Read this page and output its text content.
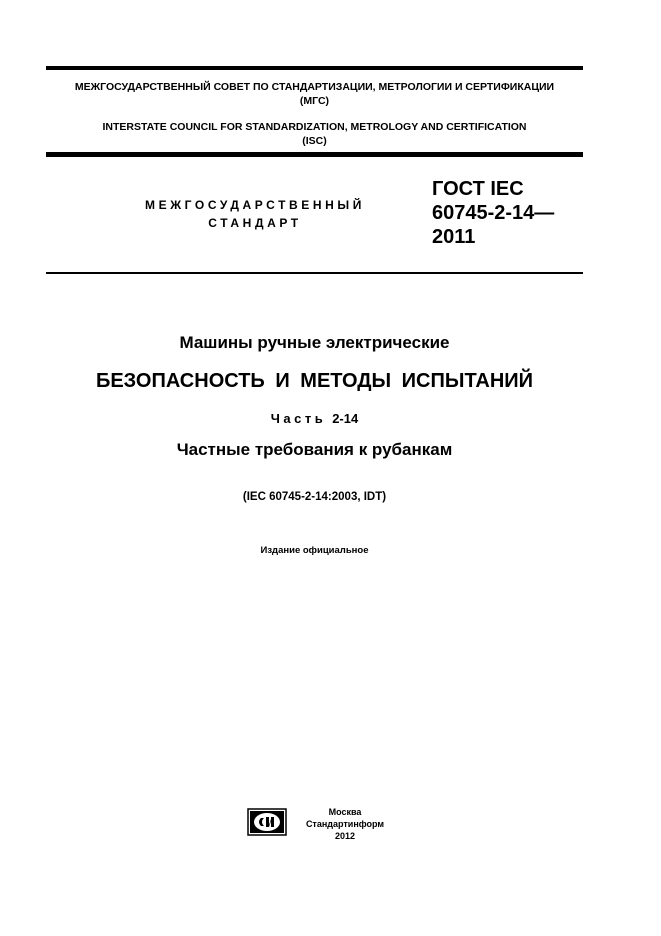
МЕЖГОСУДАРСТВЕННЫЙ СОВЕТ ПО СТАНДАРТИЗАЦИИ, МЕТРОЛОГИИ И СЕРТИФИКАЦИИ
(МГС)
INTERSTATE COUNCIL FOR STANDARDIZATION, METROLOGY AND CERTIFICATION
(ISC)
МЕЖГОСУДАРСТВЕННЫЙ
СТАНДАРТ
ГОСТ IEC
60745-2-14—
2011
Машины ручные электрические
БЕЗОПАСНОСТЬ И МЕТОДЫ ИСПЫТАНИЙ
Часть 2-14
Частные требования к рубанкам
(IEC 60745-2-14:2003, IDT)
Издание официальное
Москва
Стандартинформ
2012
